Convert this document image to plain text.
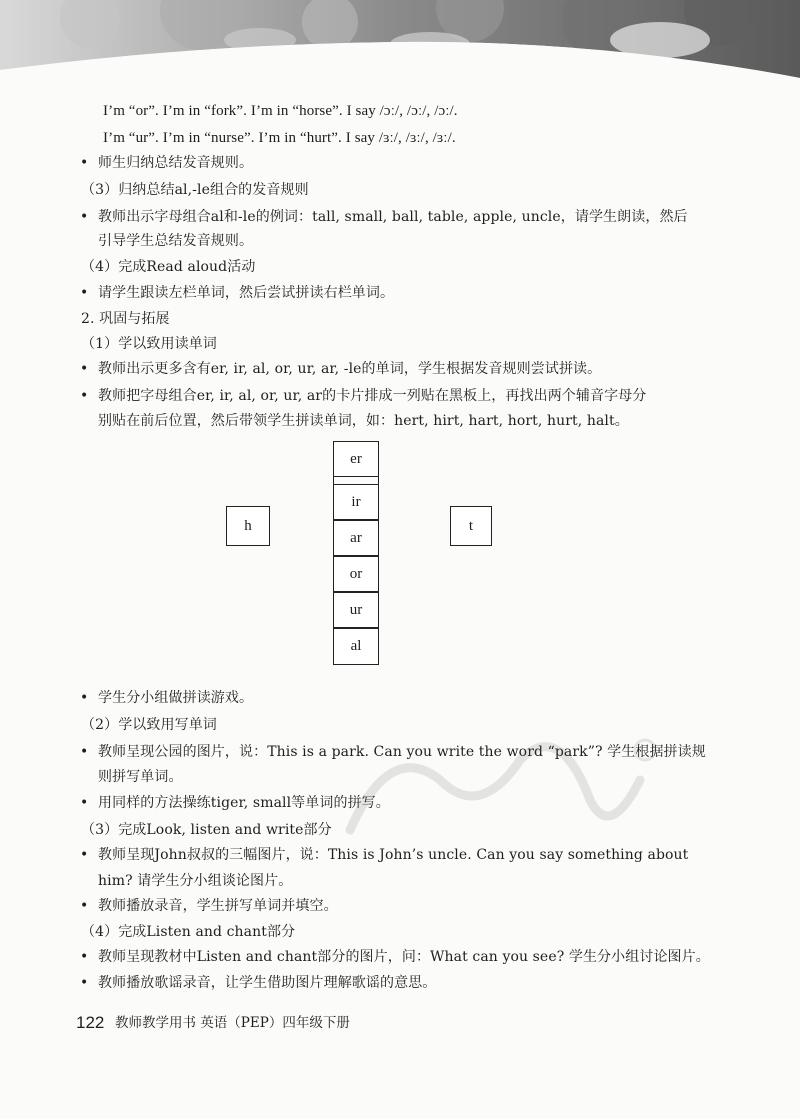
I’m “or”. I’m in “fork”. I’m in “horse”. I say /ɔː/, /ɔː/, /ɔː/.
I’m “ur”. I’m in “nurse”. I’m in “hurt”. I say /ɜː/, /ɜː/, /ɜː/.
• 师生归纳总结发音规则。
（3）归纳总结al,-le组合的发音规则
• 教师出示字母组合al和-le的例词：tall, small, ball, table, apple, uncle，请学生朗读，然后
引导学生总结发音规则。
（4）完成Read aloud活动
• 请学生跟读左栏单词，然后尝试拼读右栏单词。
2. 巩固与拓展
（1）学以致用读单词
• 教师出示更多含有er, ir, al, or, ur, ar, -le的单词，学生根据发音规则尝试拼读。
• 教师把字母组合er, ir, al, or, ur, ar的卡片排成一列贴在黑板上，再找出两个辅音字母分
别贴在前后位置，然后带领学生拼读单词，如：hert, hirt, hart, hort, hurt, halt。
• 学生分小组做拼读游戏。
（2）学以致用写单词
• 教师呈现公园的图片，说：This is a park. Can you write the word “park”? 学生根据拼读规
则拼写单词。
• 用同样的方法操练tiger, small等单词的拼写。
（3）完成Look, listen and write部分
• 教师呈现John叔叔的三幅图片，说：This is John’s uncle. Can you say something about
him? 请学生分小组谈论图片。
• 教师播放录音，学生拼写单词并填空。
（4）完成Listen and chant部分
• 教师呈现教材中Listen and chant部分的图片，问：What can you see? 学生分小组讨论图片。
• 教师播放歌谣录音，让学生借助图片理解歌谣的意思。
h	t
er
ir
ar
or
ur
al
122 教师教学用书 英语（PEP）四年级下册
